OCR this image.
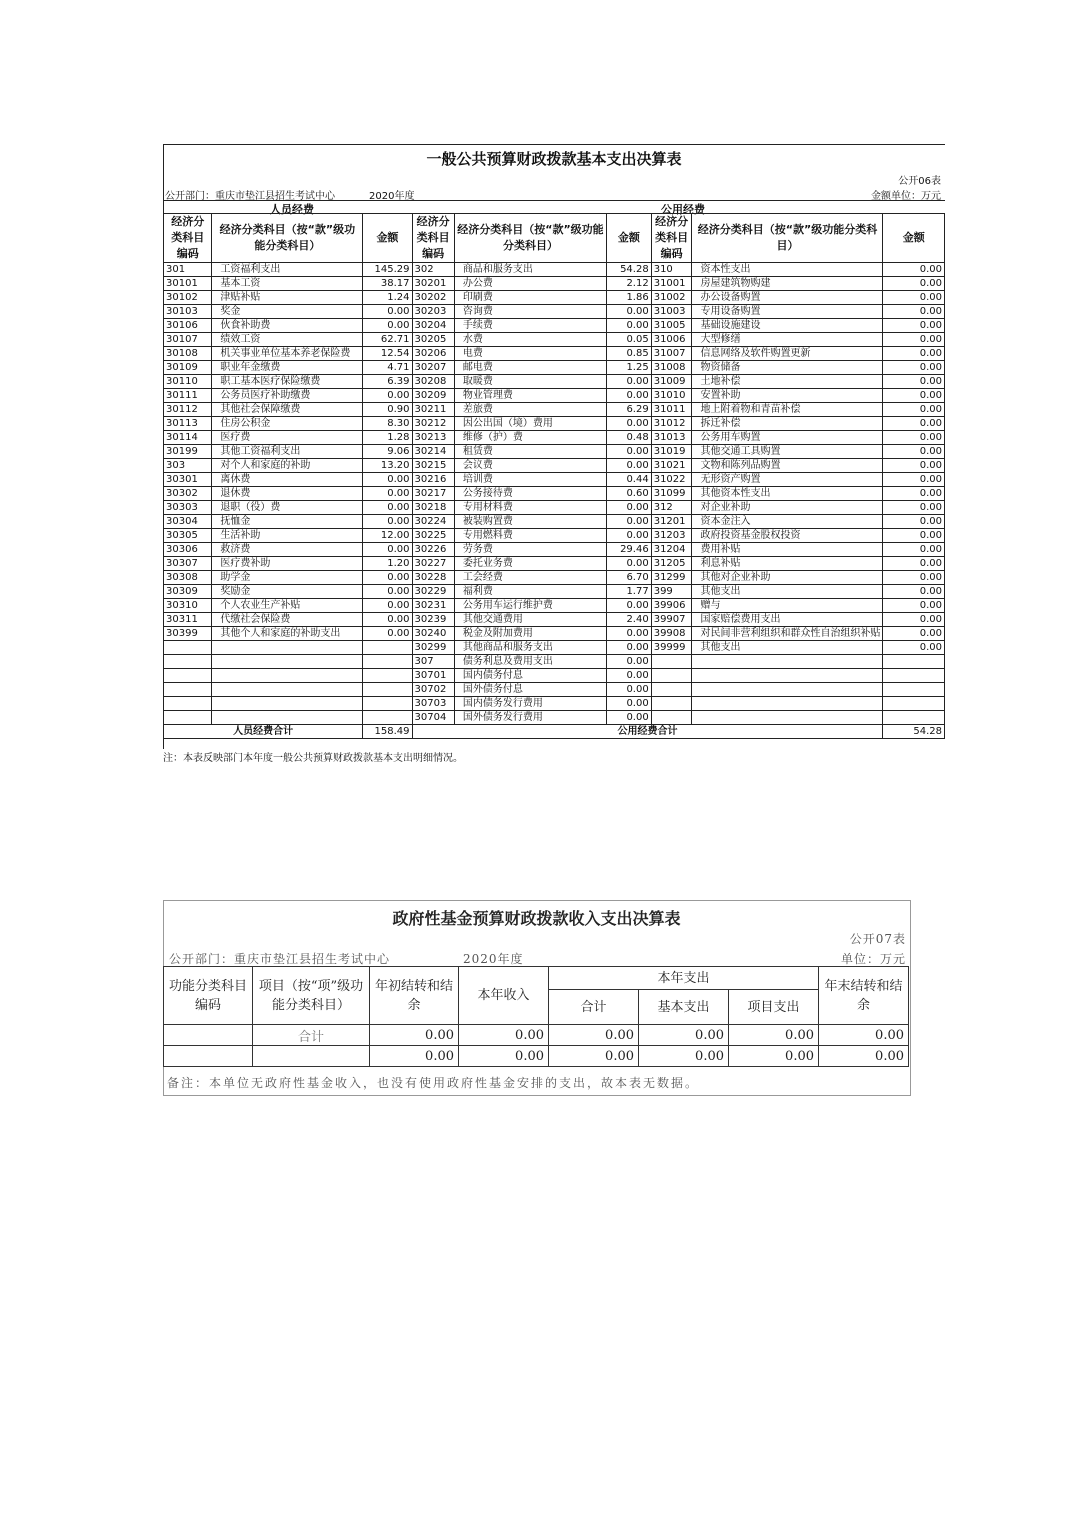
一般公共预算财政拨款基本支出决算表
公开06表
公开部门：重庆市垫江县招生考试中心	2020年度	金额单位：万元
人员经费	公用经费
经济分类科目编码	经济分类科目（按“款”级功能分类科目）	金额	经济分类科目编码	经济分类科目（按“款”级功能分类科目）	金额	经济分类科目编码	经济分类科目（按“款”级功能分类科目）	金额
301	工资福利支出	145.29	302	商品和服务支出	54.28	310	资本性支出	0.00
30101	基本工资	38.17	30201	办公费	2.12	31001	房屋建筑物购建	0.00
30102	津贴补贴	1.24	30202	印刷费	1.86	31002	办公设备购置	0.00
30103	奖金	0.00	30203	咨询费	0.00	31003	专用设备购置	0.00
30106	伙食补助费	0.00	30204	手续费	0.00	31005	基础设施建设	0.00
30107	绩效工资	62.71	30205	水费	0.05	31006	大型修缮	0.00
30108	机关事业单位基本养老保险费	12.54	30206	电费	0.85	31007	信息网络及软件购置更新	0.00
30109	职业年金缴费	4.71	30207	邮电费	1.25	31008	物资储备	0.00
30110	职工基本医疗保险缴费	6.39	30208	取暖费	0.00	31009	土地补偿	0.00
30111	公务员医疗补助缴费	0.00	30209	物业管理费	0.00	31010	安置补助	0.00
30112	其他社会保障缴费	0.90	30211	差旅费	6.29	31011	地上附着物和青苗补偿	0.00
30113	住房公积金	8.30	30212	因公出国（境）费用	0.00	31012	拆迁补偿	0.00
30114	医疗费	1.28	30213	维修（护）费	0.48	31013	公务用车购置	0.00
30199	其他工资福利支出	9.06	30214	租赁费	0.00	31019	其他交通工具购置	0.00
303	对个人和家庭的补助	13.20	30215	会议费	0.00	31021	文物和陈列品购置	0.00
30301	离休费	0.00	30216	培训费	0.44	31022	无形资产购置	0.00
30302	退休费	0.00	30217	公务接待费	0.60	31099	其他资本性支出	0.00
30303	退职（役）费	0.00	30218	专用材料费	0.00	312	对企业补助	0.00
30304	抚恤金	0.00	30224	被装购置费	0.00	31201	资本金注入	0.00
30305	生活补助	12.00	30225	专用燃料费	0.00	31203	政府投资基金股权投资	0.00
30306	救济费	0.00	30226	劳务费	29.46	31204	费用补贴	0.00
30307	医疗费补助	1.20	30227	委托业务费	0.00	31205	利息补贴	0.00
30308	助学金	0.00	30228	工会经费	6.70	31299	其他对企业补助	0.00
30309	奖励金	0.00	30229	福利费	1.77	399	其他支出	0.00
30310	个人农业生产补贴	0.00	30231	公务用车运行维护费	0.00	39906	赠与	0.00
30311	代缴社会保险费	0.00	30239	其他交通费用	2.40	39907	国家赔偿费用支出	0.00
30399	其他个人和家庭的补助支出	0.00	30240	税金及附加费用	0.00	39908	对民间非营利组织和群众性自治组织补贴	0.00
			30299	其他商品和服务支出	0.00	39999	其他支出	0.00
			307	债务利息及费用支出	0.00			
			30701	国内债务付息	0.00			
			30702	国外债务付息	0.00			
			30703	国内债务发行费用	0.00			
			30704	国外债务发行费用	0.00			
人员经费合计		158.49	公用经费合计					54.28
注：本表反映部门本年度一般公共预算财政拨款基本支出明细情况。
政府性基金预算财政拨款收入支出决算表
公开07表
公开部门：重庆市垫江县招生考试中心	2020年度	单位：万元
功能分类科目编码	项目（按“项”级功能分类科目）	年初结转和结余	本年收入	本年支出			年末结转和结余
				合计	基本支出	项目支出	
	合计	0.00	0.00	0.00	0.00	0.00	0.00
		0.00	0.00	0.00	0.00	0.00	0.00
备注：本单位无政府性基金收入，也没有使用政府性基金安排的支出，故本表无数据。
